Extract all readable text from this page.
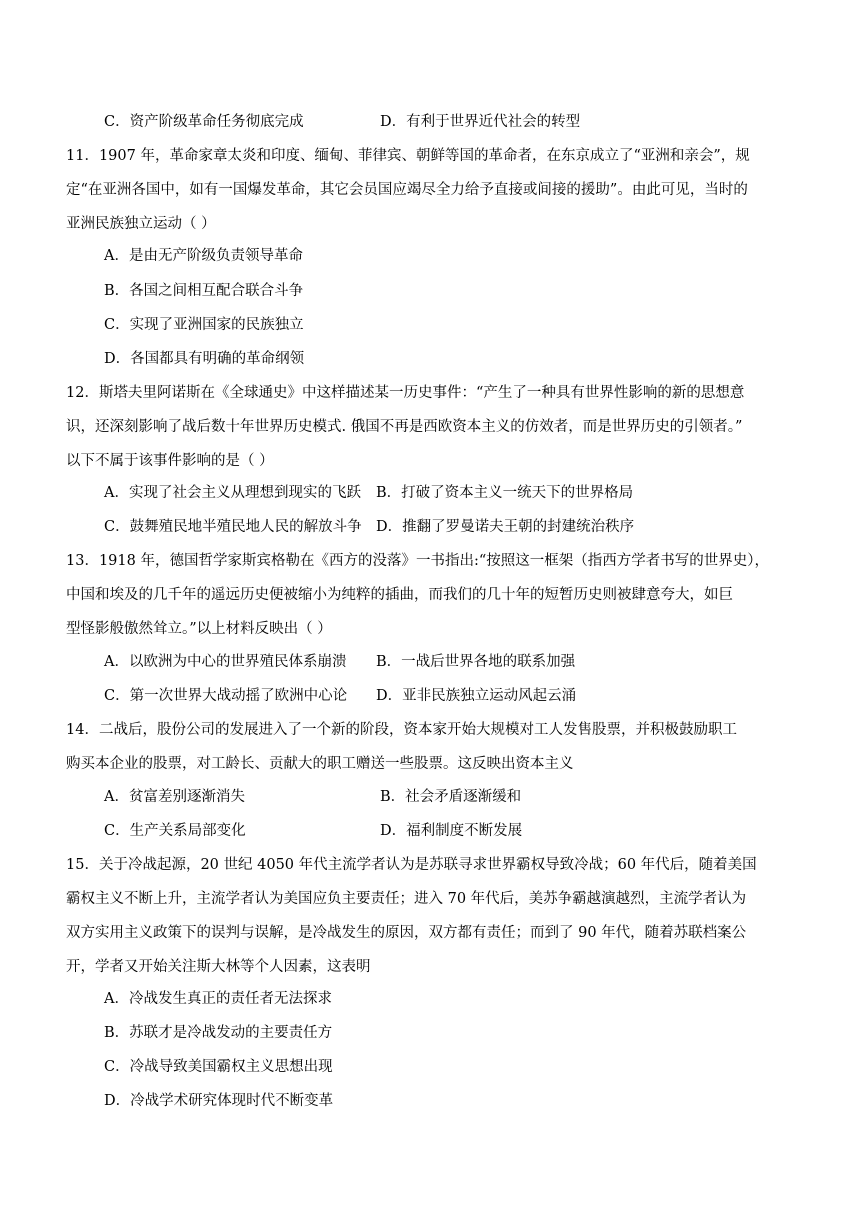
C．资产阶级革命任务彻底完成	D．有利于世界近代社会的转型
11．1907 年，革命家章太炎和印度、缅甸、菲律宾、朝鲜等国的革命者，在东京成立了“亚洲和亲会”，规
定“在亚洲各国中，如有一国爆发革命，其它会员国应竭尽全力给予直接或间接的援助”。由此可见，当时的
亚洲民族独立运动（ ）
A．是由无产阶级负责领导革命
B．各国之间相互配合联合斗争
C．实现了亚洲国家的民族独立
D．各国都具有明确的革命纲领
12．斯塔夫里阿诺斯在《全球通史》中这样描述某一历史事件：“产生了一种具有世界性影响的新的思想意
识，还深刻影响了战后数十年世界历史模式. 俄国不再是西欧资本主义的仿效者，而是世界历史的引领者。”
以下不属于该事件影响的是（ ）
A．实现了社会主义从理想到现实的飞跃 B．打破了资本主义一统天下的世界格局
C．鼓舞殖民地半殖民地人民的解放斗争 D．推翻了罗曼诺夫王朝的封建统治秩序
13．1918 年，德国哲学家斯宾格勒在《西方的没落》一书指出:“按照这一框架（指西方学者书写的世界史），
中国和埃及的几千年的遥远历史便被缩小为纯粹的插曲，而我们的几十年的短暂历史则被肆意夸大，如巨
型怪影般傲然耸立。”以上材料反映出（ ）
A．以欧洲为中心的世界殖民体系崩溃 B．一战后世界各地的联系加强
C．第一次世界大战动摇了欧洲中心论 D．亚非民族独立运动风起云涌
14．二战后，股份公司的发展进入了一个新的阶段，资本家开始大规模对工人发售股票，并积极鼓励职工
购买本企业的股票，对工龄长、贡献大的职工赠送一些股票。这反映出资本主义
A．贫富差别逐渐消失	B．社会矛盾逐渐缓和
C．生产关系局部变化	D．福利制度不断发展
15．关于冷战起源，20 世纪 4050 年代主流学者认为是苏联寻求世界霸权导致冷战；60 年代后，随着美国
霸权主义不断上升，主流学者认为美国应负主要责任；进入 70 年代后，美苏争霸越演越烈，主流学者认为
双方实用主义政策下的误判与误解，是冷战发生的原因，双方都有责任；而到了 90 年代，随着苏联档案公
开，学者又开始关注斯大林等个人因素，这表明
A．冷战发生真正的责任者无法探求
B．苏联才是冷战发动的主要责任方
C．冷战导致美国霸权主义思想出现
D．冷战学术研究体现时代不断变革
